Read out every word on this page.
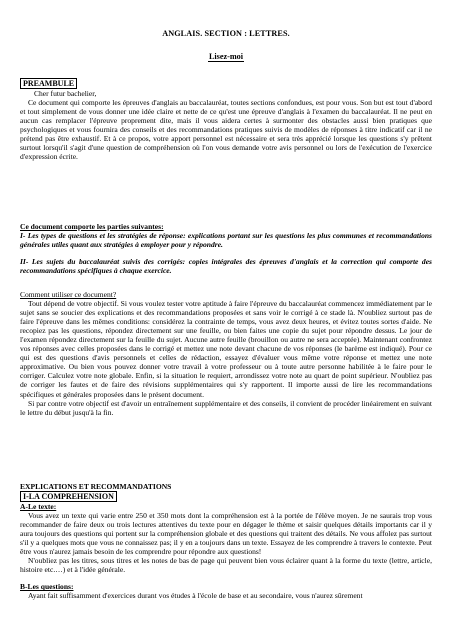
ANGLAIS. SECTION : LETTRES.
Lisez-moi
PREAMBULE

Cher futur bachelier,

Ce document qui comporte les épreuves d'anglais au baccalauréat, toutes sections confondues, est pour vous. Son but est tout d'abord et tout simplement de vous donner une idée claire et nette de ce qu'est une épreuve d'anglais à l'examen du baccalauréat. Il ne peut en aucun cas remplacer l'épreuve proprement dite, mais il vous aidera certes à surmonter des obstacles aussi bien pratiques que psychologiques et vous fournira des conseils et des recommandations pratiques suivis de modèles de réponses à titre indicatif car il ne prétend pas être exhaustif. Et à ce propos, votre apport personnel est nécessaire et sera très apprécié lorsque les questions s'y prêtent surtout lorsqu'il s'agit d'une question de compréhension où l'on vous demande votre avis personnel ou lors de l'exécution de l'exercice d'expression écrite.

Ce document comporte les parties suivantes:

I- Les types de questions et les stratégies de réponse: explications portant sur les questions les plus communes et recommandations générales utiles quant aux stratégies à employer pour y répondre.

II- Les sujets du baccalauréat suivis des corrigés: copies intégrales des épreuves d'anglais et la correction qui comporte des recommandations spécifiques à chaque exercice.

Comment utiliser ce document?

Tout dépend de votre objectif. Si vous voulez tester votre aptitude à faire l'épreuve du baccalauréat commencez immédiatement par le sujet sans se soucier des explications et des recommandations proposées et sans voir le corrigé à ce stade là. N'oubliez surtout pas de faire l'épreuve dans les mêmes conditions: considérez la contrainte de temps, vous avez deux heures, et évitez toutes sortes d'aide. Ne recopiez pas les questions, répondez directement sur une feuille, ou bien faites une copie du sujet pour répondre dessus. Le jour de l'examen répondez directement sur la feuille du sujet. Aucune autre feuille (brouillon ou autre ne sera acceptée). Maintenant confrontez vos réponses avec celles proposées dans le corrigé et mettez une note devant chacune de vos réponses (le barème est indiqué). Pour ce qui est des questions d'avis personnels et celles de rédaction, essayez d'évaluer vous même votre réponse et mettez une note approximative. Ou bien vous pouvez donner votre travail à votre professeur ou à toute autre personne habilitée à le faire pour le corriger. Calculez votre note globale. Enfin, si la situation le requiert, arrondissez votre note au quart de point supérieur. N'oubliez pas de corriger les fautes et de faire des révisions supplémentaires qui s'y rapportent. Il importe aussi de lire les recommandations spécifiques et générales proposées dans le présent document.

Si par contre votre objectif est d'avoir un entraînement supplémentaire et des conseils, il convient de procéder linéairement en suivant le lettre du début jusqu'à la fin.

EXPLICATIONS ET RECOMMANDATIONS

I-LA COMPREHENSION

A-Le texte:

Vous avez un texte qui varie entre 250 et 350 mots dont la compréhension est à la portée de l'élève moyen. Je ne saurais trop vous recommander de faire deux ou trois lectures attentives du texte pour en dégager le thème et saisir quelques détails importants car il y aura toujours des questions qui portent sur la compréhension globale et des questions qui traitent des détails. Ne vous affolez pas surtout s'il y a quelques mots que vous ne connaissez pas; il y en a toujours dans un texte. Essayez de les comprendre à travers le contexte. Peut être vous n'aurez jamais besoin de les comprendre pour répondre aux questions!

N'oubliez pas les titres, sous titres et les notes de bas de page qui peuvent bien vous éclairer quant à la forme du texte (lettre, article, histoire etc.…) et à l'idée générale.

B-Les questions:

Ayant fait suffisamment d'exercices durant vos études à l'école de base et au secondaire, vous n'aurez sûrement
